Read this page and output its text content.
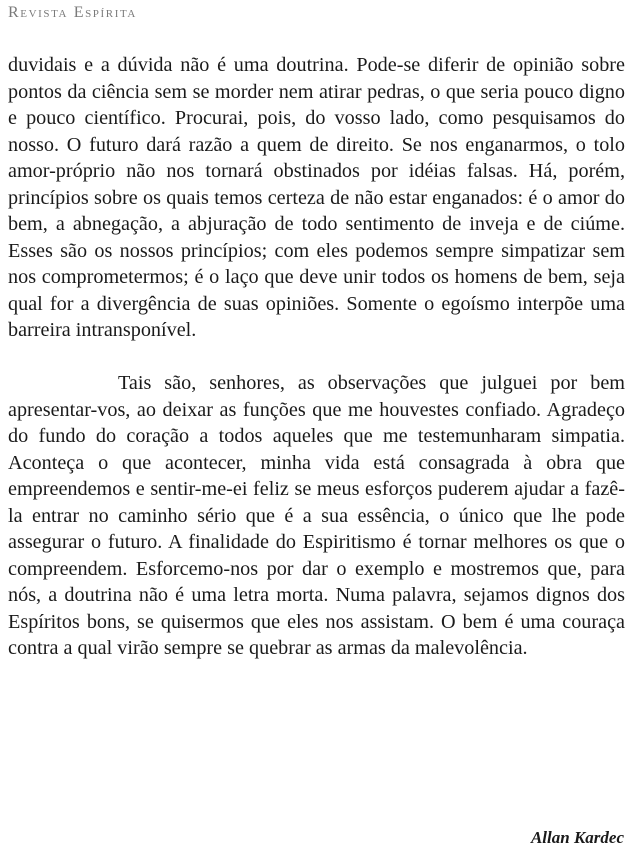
Revista Espírita

duvidais e a dúvida não é uma doutrina. Pode-se diferir de opinião sobre pontos da ciência sem se morder nem atirar pedras, o que seria pouco digno e pouco científico. Procurai, pois, do vosso lado, como pesquisamos do nosso. O futuro dará razão a quem de direito. Se nos enganarmos, o tolo amor-próprio não nos tornará obstinados por idéias falsas. Há, porém, princípios sobre os quais temos certeza de não estar enganados: é o amor do bem, a abnegação, a abjuração de todo sentimento de inveja e de ciúme. Esses são os nossos princípios; com eles podemos sempre simpatizar sem nos comprometermos; é o laço que deve unir todos os homens de bem, seja qual for a divergência de suas opiniões. Somente o egoísmo interpõe uma barreira intransponível.

Tais são, senhores, as observações que julguei por bem apresentar-vos, ao deixar as funções que me houvestes confiado. Agradeço do fundo do coração a todos aqueles que me testemunharam simpatia. Aconteça o que acontecer, minha vida está consagrada à obra que empreendemos e sentir-me-ei feliz se meus esforços puderem ajudar a fazê-la entrar no caminho sério que é a sua essência, o único que lhe pode assegurar o futuro. A finalidade do Espiritismo é tornar melhores os que o compreendem. Esforcemo-nos por dar o exemplo e mostremos que, para nós, a doutrina não é uma letra morta. Numa palavra, sejamos dignos dos Espíritos bons, se quisermos que eles nos assistam. O bem é uma couraça contra a qual virão sempre se quebrar as armas da malevolência.

Allan Kardec
